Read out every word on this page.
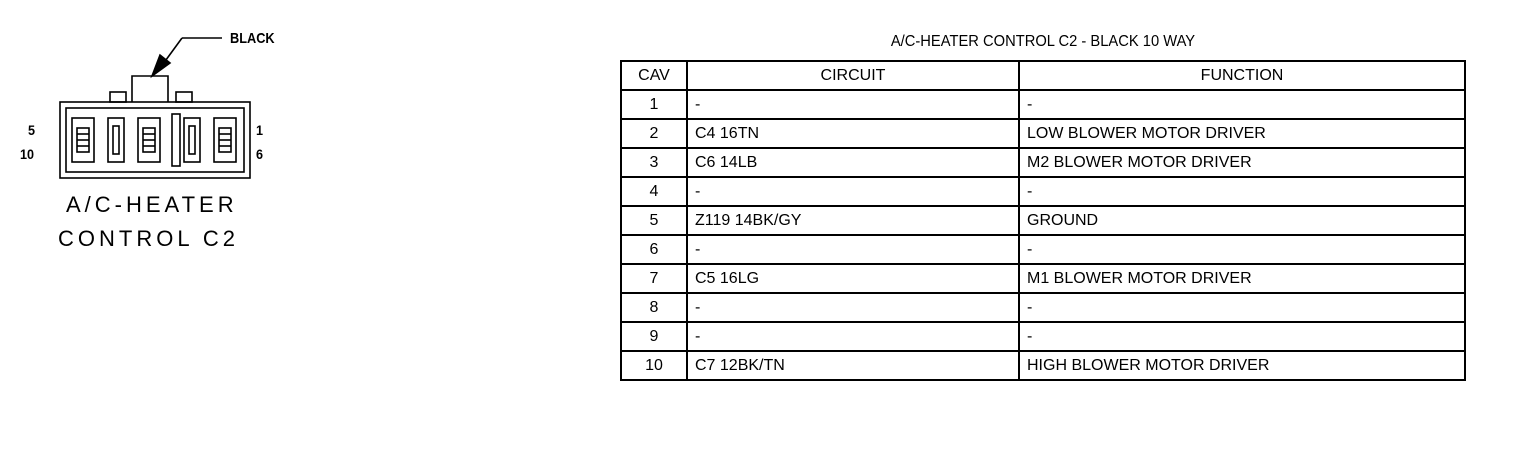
BLACK
5
10
1
6
A/C-HEATER
CONTROL C2
A/C-HEATER CONTROL C2 - BLACK 10 WAY
CAV	CIRCUIT	FUNCTION
1	-	-
2	C4 16TN	LOW BLOWER MOTOR DRIVER
3	C6 14LB	M2 BLOWER MOTOR DRIVER
4	-	-
5	Z119 14BK/GY	GROUND
6	-	-
7	C5 16LG	M1 BLOWER MOTOR DRIVER
8	-	-
9	-	-
10	C7 12BK/TN	HIGH BLOWER MOTOR DRIVER
